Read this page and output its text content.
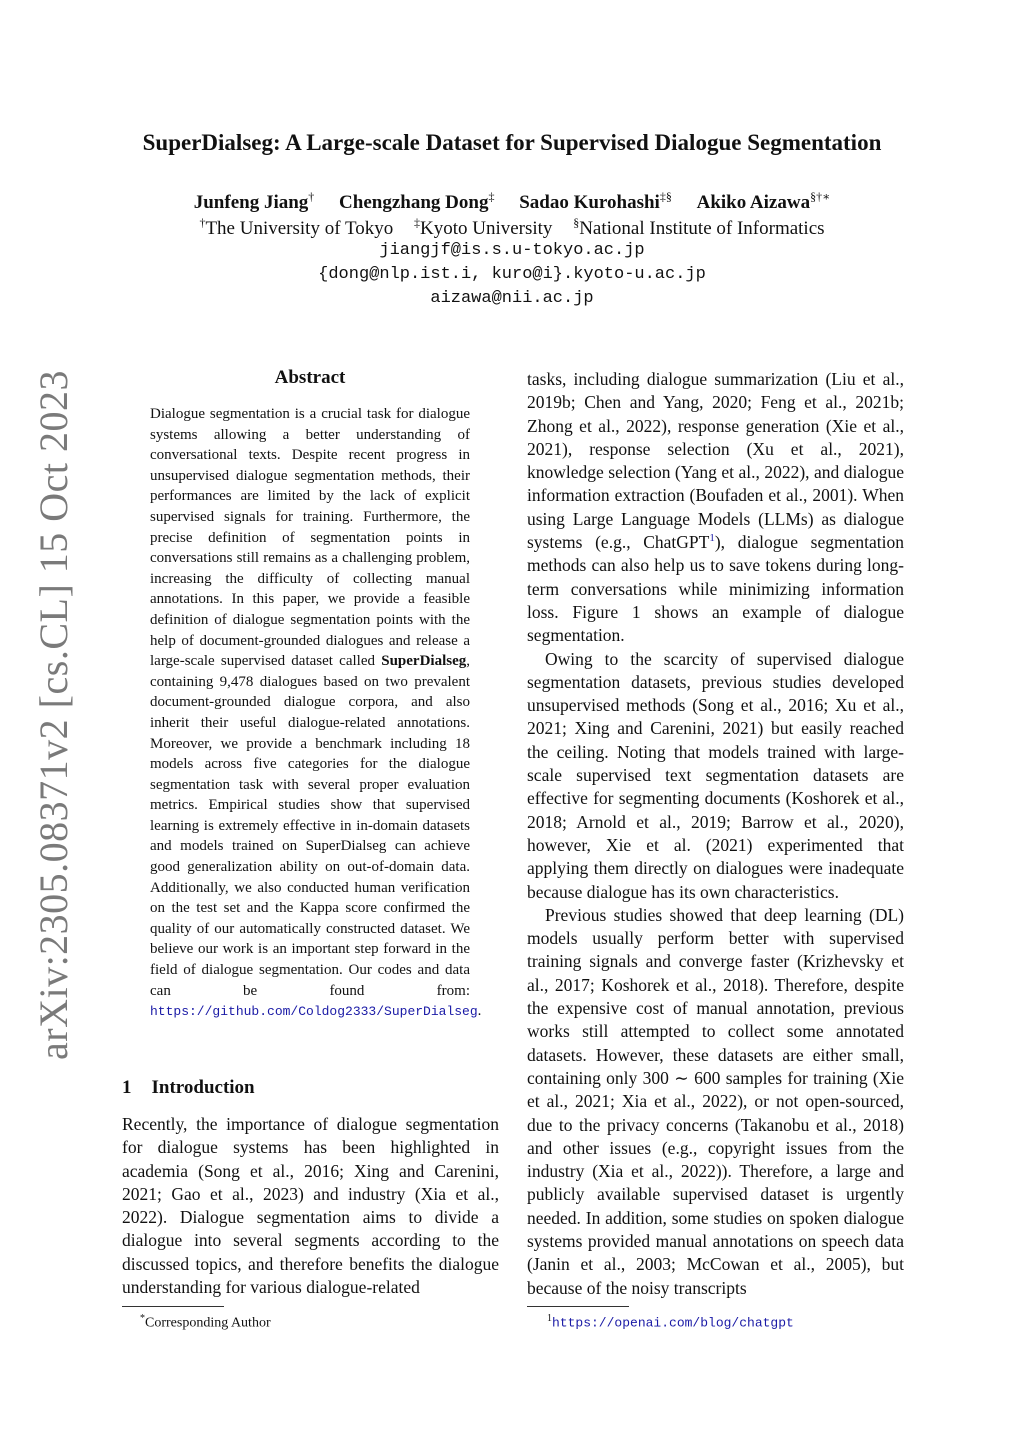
arXiv:2305.08371v2 [cs.CL] 15 Oct 2023
SuperDialseg: A Large-scale Dataset for Supervised Dialogue Segmentation
Junfeng Jiang† Chengzhang Dong‡ Sadao Kurohashi‡§ Akiko Aizawa§†∗
†The University of Tokyo ‡Kyoto University §National Institute of Informatics
jiangjf@is.s.u-tokyo.ac.jp
{dong@nlp.ist.i, kuro@i}.kyoto-u.ac.jp
aizawa@nii.ac.jp
Abstract

Dialogue segmentation is a crucial task for dialogue systems allowing a better understanding of conversational texts. Despite recent progress in unsupervised dialogue segmentation methods, their performances are limited by the lack of explicit supervised signals for training. Furthermore, the precise definition of segmentation points in conversations still remains as a challenging problem, increasing the difficulty of collecting manual annotations. In this paper, we provide a feasible definition of dialogue segmentation points with the help of document-grounded dialogues and release a large-scale supervised dataset called SuperDialseg, containing 9,478 dialogues based on two prevalent document-grounded dialogue corpora, and also inherit their useful dialogue-related annotations. Moreover, we provide a benchmark including 18 models across five categories for the dialogue segmentation task with several proper evaluation metrics. Empirical studies show that supervised learning is extremely effective in in-domain datasets and models trained on SuperDialseg can achieve good generalization ability on out-of-domain data. Additionally, we also conducted human verification on the test set and the Kappa score confirmed the quality of our automatically constructed dataset. We believe our work is an important step forward in the field of dialogue segmentation. Our codes and data can be found from: https://github.com/Coldog2333/SuperDialseg.

1 Introduction

Recently, the importance of dialogue segmentation for dialogue systems has been highlighted in academia (Song et al., 2016; Xing and Carenini, 2021; Gao et al., 2023) and industry (Xia et al., 2022). Dialogue segmentation aims to divide a dialogue into several segments according to the discussed topics, and therefore benefits the dialogue understanding for various dialogue-related

*Corresponding Author

tasks, including dialogue summarization (Liu et al., 2019b; Chen and Yang, 2020; Feng et al., 2021b; Zhong et al., 2022), response generation (Xie et al., 2021), response selection (Xu et al., 2021), knowledge selection (Yang et al., 2022), and dialogue information extraction (Boufaden et al., 2001). When using Large Language Models (LLMs) as dialogue systems (e.g., ChatGPT$^1$), dialogue segmentation methods can also help us to save tokens during long-term conversations while minimizing information loss. Figure 1 shows an example of dialogue segmentation.

Owing to the scarcity of supervised dialogue segmentation datasets, previous studies developed unsupervised methods (Song et al., 2016; Xu et al., 2021; Xing and Carenini, 2021) but easily reached the ceiling. Noting that models trained with large-scale supervised text segmentation datasets are effective for segmenting documents (Koshorek et al., 2018; Arnold et al., 2019; Barrow et al., 2020), however, Xie et al. (2021) experimented that applying them directly on dialogues were inadequate because dialogue has its own characteristics.

Previous studies showed that deep learning (DL) models usually perform better with supervised training signals and converge faster (Krizhevsky et al., 2017; Koshorek et al., 2018). Therefore, despite the expensive cost of manual annotation, previous works still attempted to collect some annotated datasets. However, these datasets are either small, containing only 300 ∼ 600 samples for training (Xie et al., 2021; Xia et al., 2022), or not open-sourced, due to the privacy concerns (Takanobu et al., 2018) and other issues (e.g., copyright issues from the industry (Xia et al., 2022)). Therefore, a large and publicly available supervised dataset is urgently needed. In addition, some studies on spoken dialogue systems provided manual annotations on speech data (Janin et al., 2003; McCowan et al., 2005), but because of the noisy transcripts

$^1$https://openai.com/blog/chatgpt
